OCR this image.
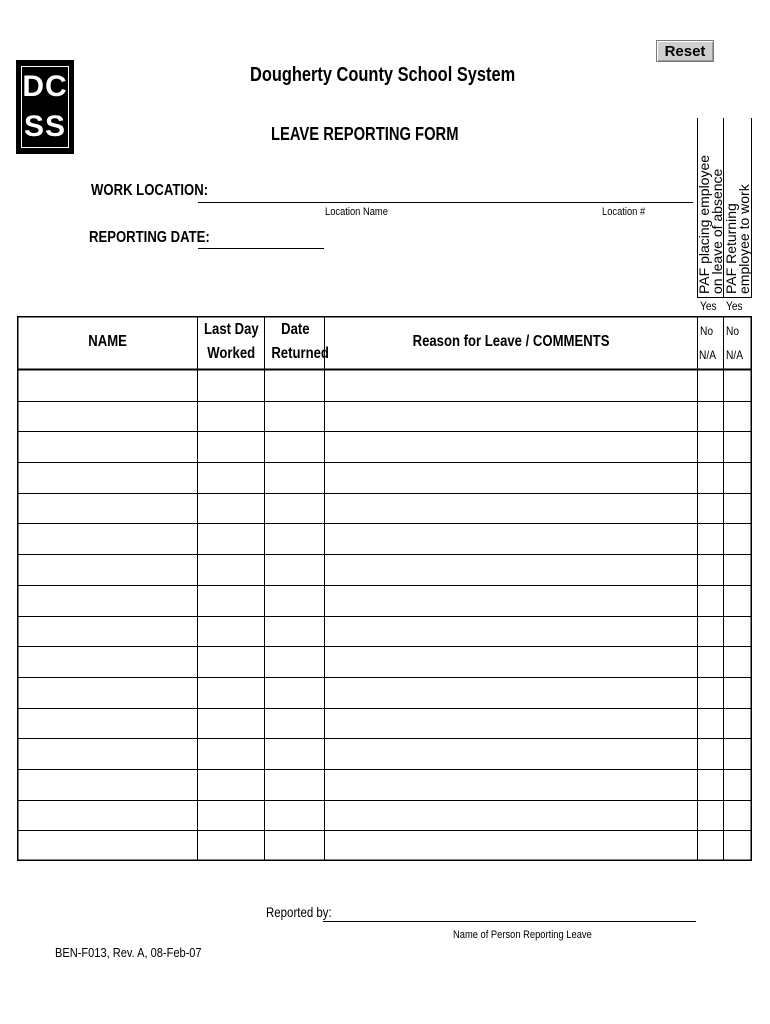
Reset
DC
SS
Dougherty County School System
LEAVE REPORTING FORM
WORK LOCATION:
Location Name	Location #
REPORTING DATE:	PAF placing employee
on leave of absence
PAF Returning
employee to work
Yes Yes
No No
N/A N/A
NAME
Last Day
Worked
Date
Returned
Reason for Leave / COMMENTS
Reported by:
Name of Person Reporting Leave
BEN-F013, Rev. A, 08-Feb-07
